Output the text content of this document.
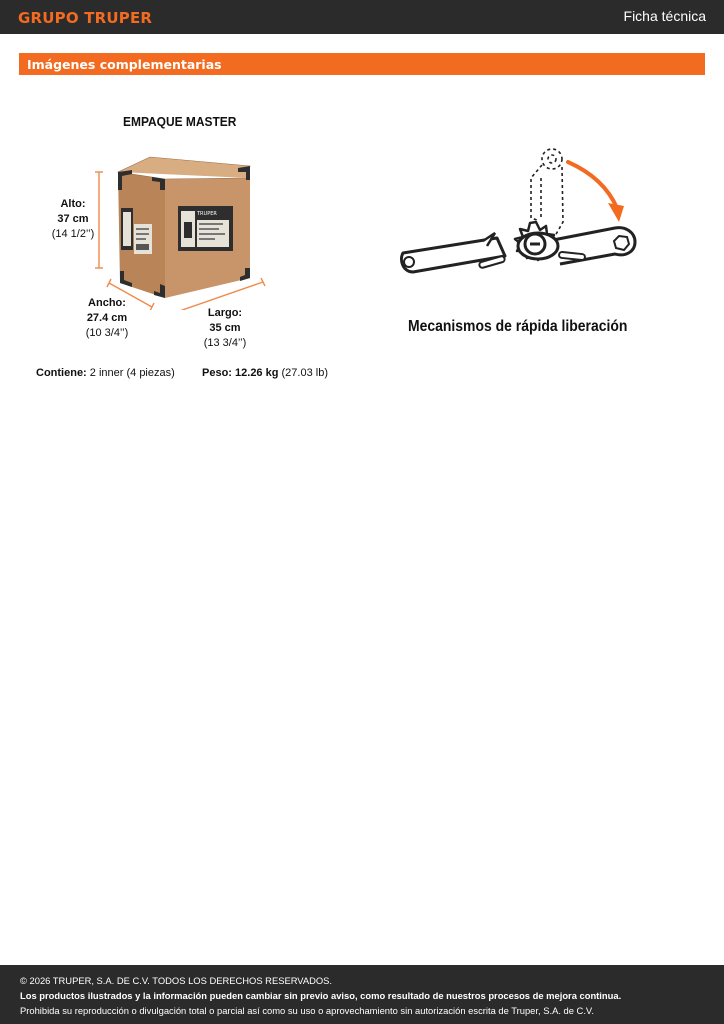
GRUPO TRUPER	Ficha técnica
Imágenes complementarias
EMPAQUE MASTER
TRUPER
Alto:
37 cm
(14 1/2’’)
Ancho:
27.4 cm
(10 3/4’’)
Largo:
35 cm
(13 3/4’’)
Contiene: 2 inner (4 piezas) Peso: 12.26 kg (27.03 lb)
Mecanismos de rápida liberación
© 2026 TRUPER, S.A. DE C.V. TODOS LOS DERECHOS RESERVADOS.
Los productos ilustrados y la información pueden cambiar sin previo aviso, como resultado de nuestros procesos de mejora continua.
Prohibida su reproducción o divulgación total o parcial así como su uso o aprovechamiento sin autorización escrita de Truper, S.A. de C.V.
